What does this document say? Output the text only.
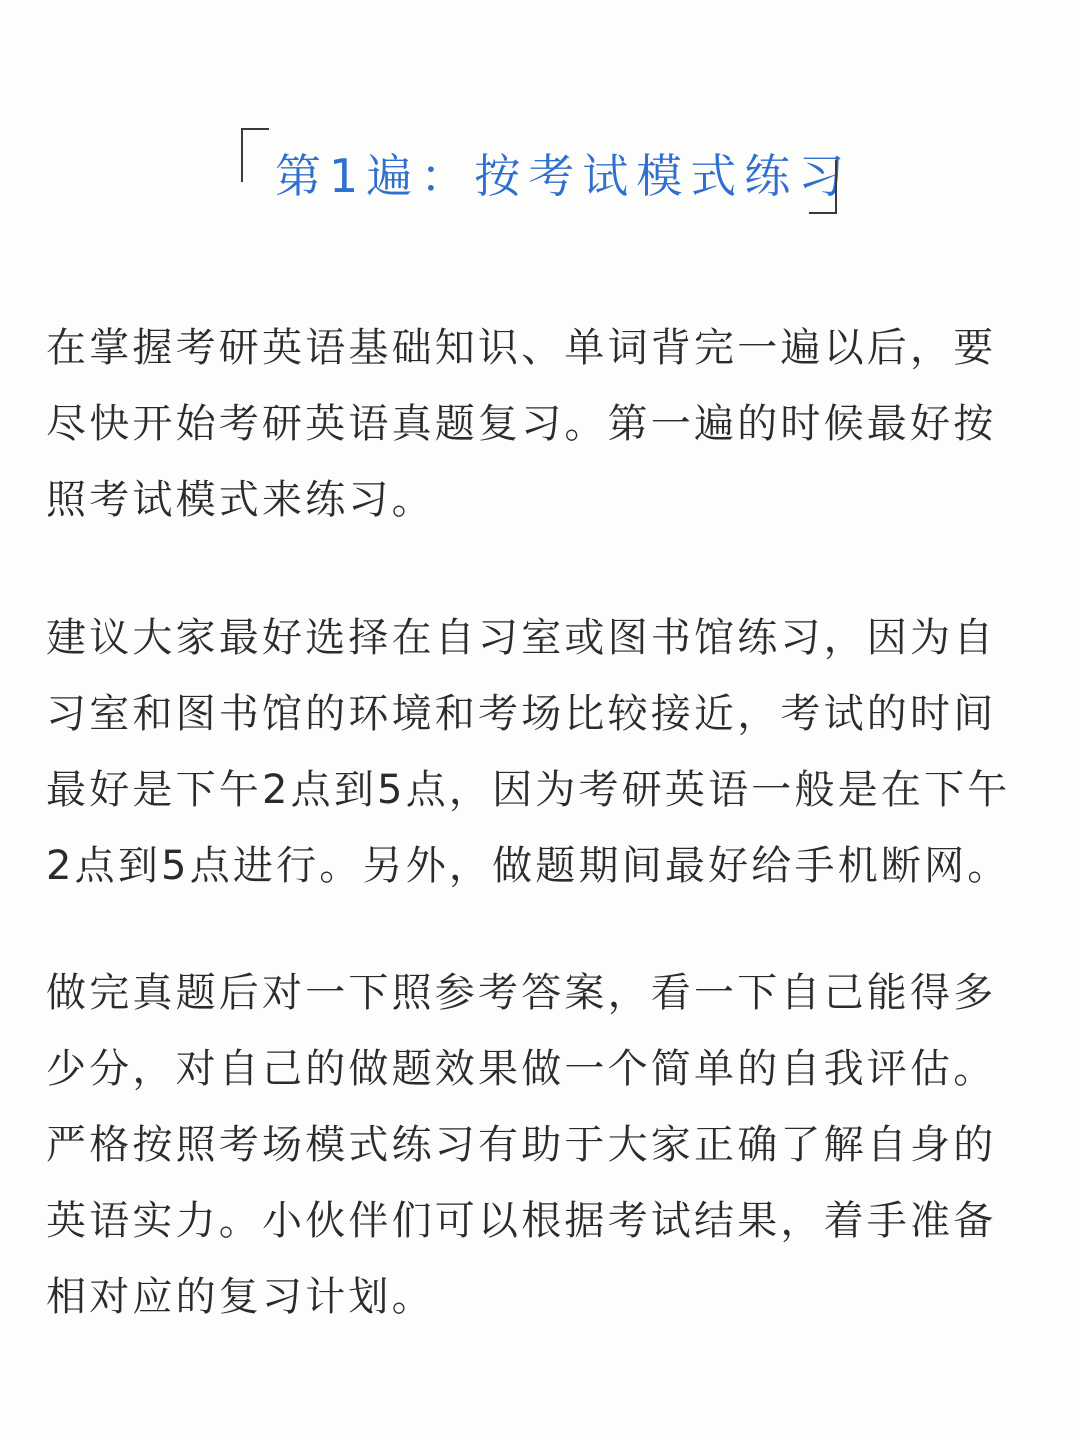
第1遍：按考试模式练习

在掌握考研英语基础知识、单词背完一遍以后，要尽快开始考研英语真题复习。第一遍的时候最好按照考试模式来练习。

建议大家最好选择在自习室或图书馆练习，因为自习室和图书馆的环境和考场比较接近，考试的时间最好是下午2点到5点，因为考研英语一般是在下午2点到5点进行。另外，做题期间最好给手机断网。

做完真题后对一下照参考答案，看一下自己能得多少分，对自己的做题效果做一个简单的自我评估。严格按照考场模式练习有助于大家正确了解自身的英语实力。小伙伴们可以根据考试结果，着手准备相对应的复习计划。
